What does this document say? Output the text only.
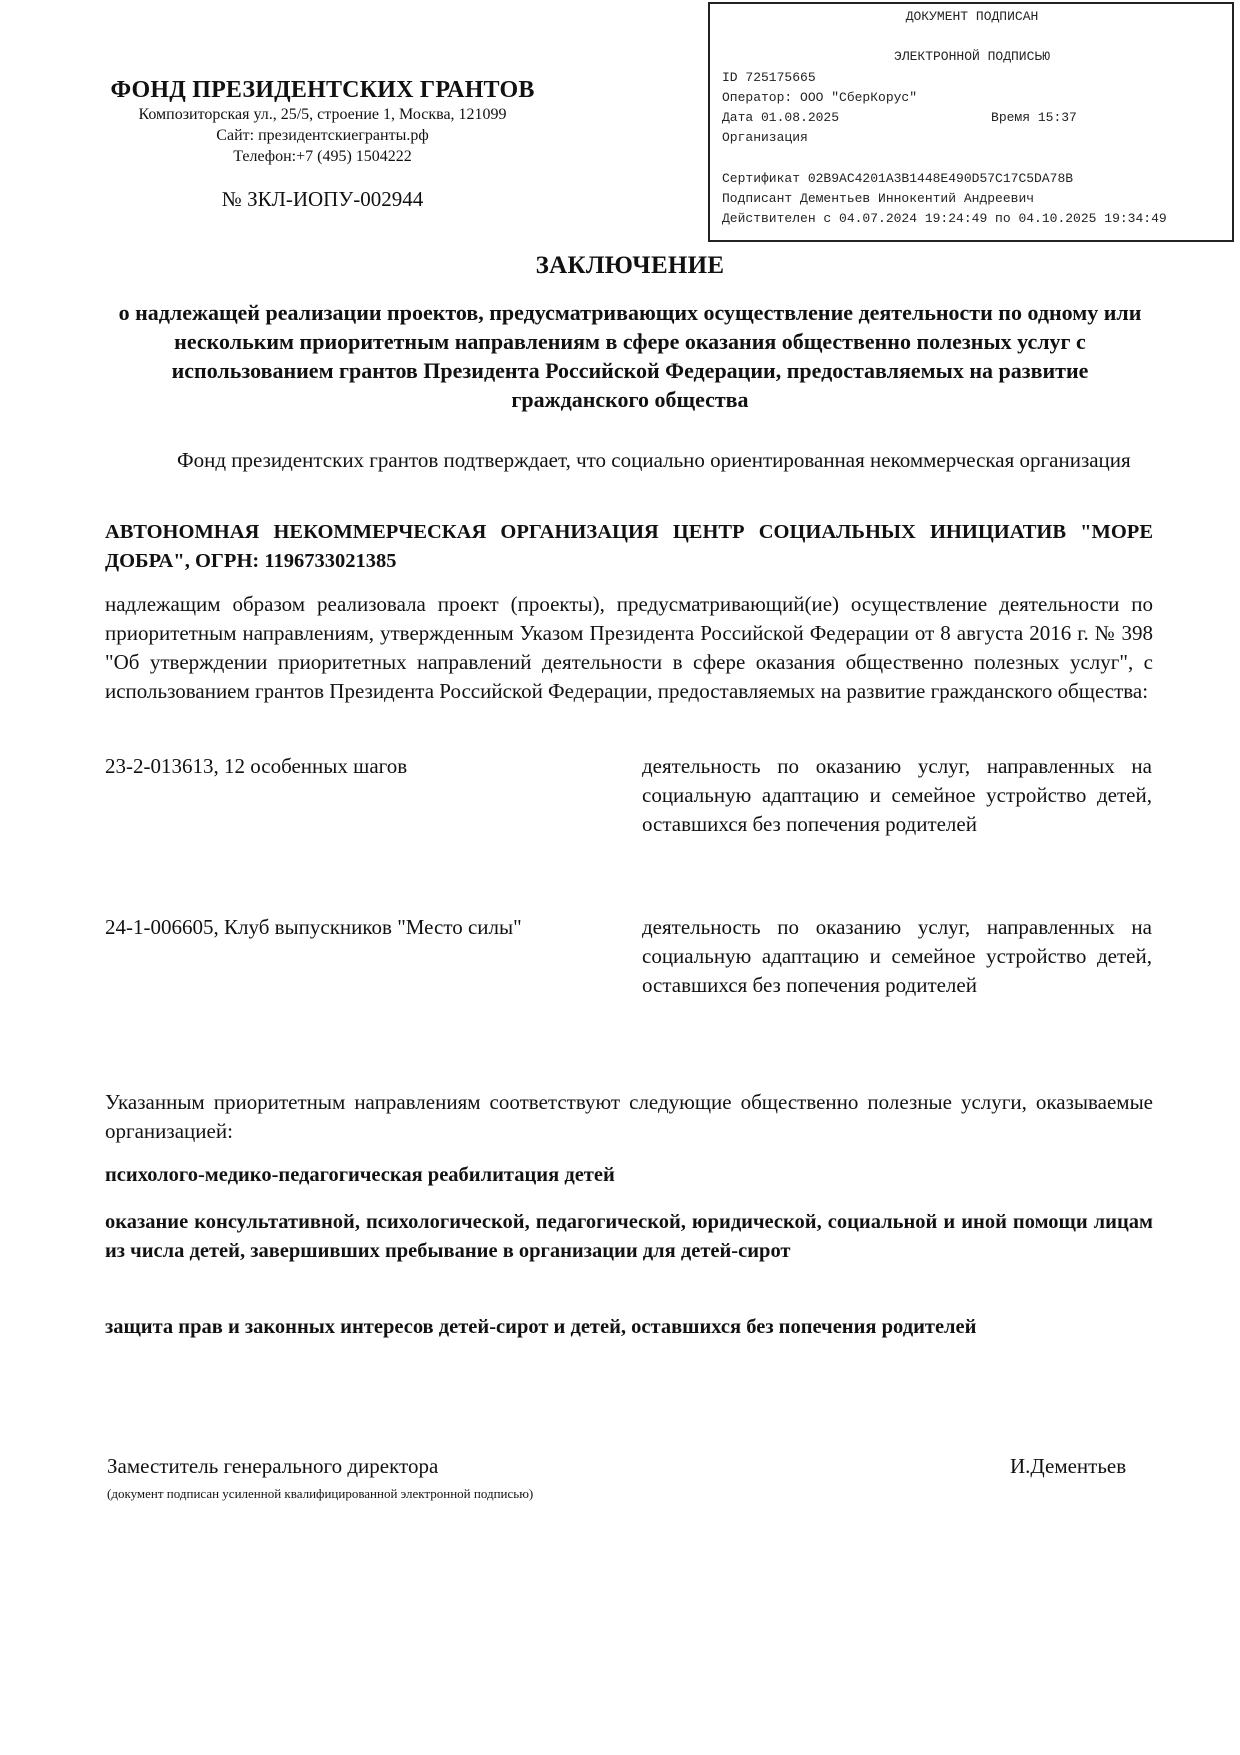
ФОНД ПРЕЗИДЕНТСКИХ ГРАНТОВ
Композиторская ул., 25/5, строение 1, Москва, 121099
Сайт: президентскиегранты.рф
Телефон:+7 (495) 1504222
№ ЗКЛ-ИОПУ-002944
ДОКУМЕНТ ПОДПИСАН
ЭЛЕКТРОННОЙ ПОДПИСЬЮ
ID 725175665
Оператор: ООО "СберКорус"
Дата 01.08.2025	Время 15:37
Организация
Сертификат 02B9AC4201A3B1448E490D57C17C5DA78B
Подписант Дементьев Иннокентий Андреевич
Действителен с 04.07.2024 19:24:49 по 04.10.2025 19:34:49
ЗАКЛЮЧЕНИЕ
о надлежащей реализации проектов, предусматривающих осуществление деятельности по одному или нескольким приоритетным направлениям в сфере оказания общественно полезных услуг с использованием грантов Президента Российской Федерации, предоставляемых на развитие гражданского общества
Фонд президентских грантов подтверждает, что социально ориентированная некоммерческая организация
АВТОНОМНАЯ НЕКОММЕРЧЕСКАЯ ОРГАНИЗАЦИЯ ЦЕНТР СОЦИАЛЬНЫХ ИНИЦИАТИВ "МОРЕ ДОБРА", ОГРН: 1196733021385
надлежащим образом реализовала проект (проекты), предусматривающий(ие) осуществление деятельности по приоритетным направлениям, утвержденным Указом Президента Российской Федерации от 8 августа 2016 г. № 398 "Об утверждении приоритетных направлений деятельности в сфере оказания общественно полезных услуг", с использованием грантов Президента Российской Федерации, предоставляемых на развитие гражданского общества:
23-2-013613, 12 особенных шагов	деятельность по оказанию услуг, направленных на социальную адаптацию и семейное устройство детей, оставшихся без попечения родителей
24-1-006605, Клуб выпускников "Место силы"	деятельность по оказанию услуг, направленных на социальную адаптацию и семейное устройство детей, оставшихся без попечения родителей
Указанным приоритетным направлениям соответствуют следующие общественно полезные услуги, оказываемые организацией:
психолого-медико-педагогическая реабилитация детей
оказание консультативной, психологической, педагогической, юридической, социальной и иной помощи лицам из числа детей, завершивших пребывание в организации для детей-сирот
защита прав и законных интересов детей-сирот и детей, оставшихся без попечения родителей
Заместитель генерального директора
(документ подписан усиленной квалифицированной электронной подписью)
И.Дементьев
